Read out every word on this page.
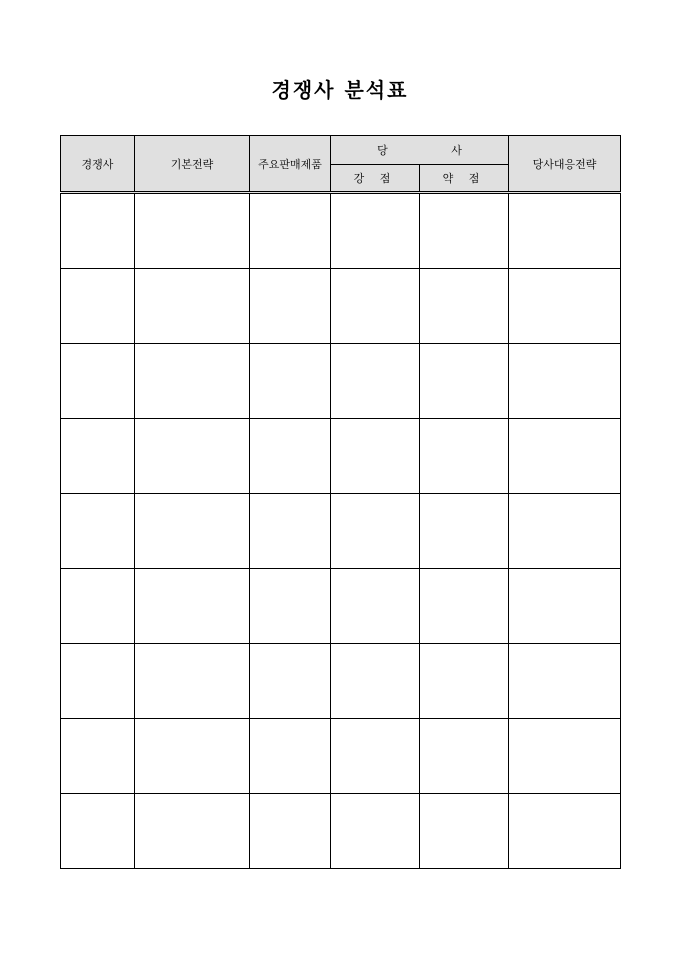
경쟁사 분석표
경쟁사	기본전략	주요판매제품	당 사		당사대응전략
			강 점	약 점	
